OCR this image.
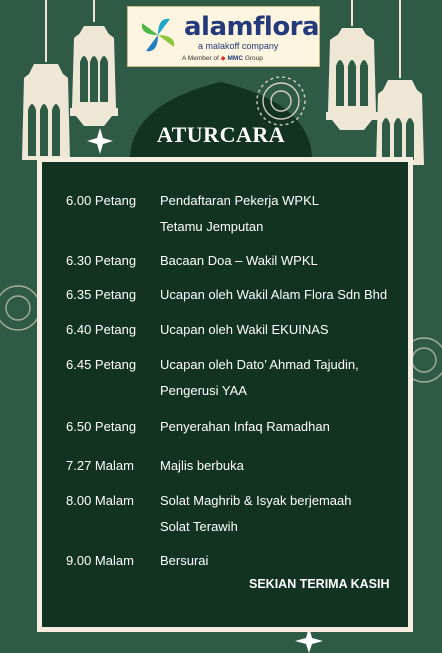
alamflora
a malakoff company
A Member of ◆ MMC Group
ATURCARA
6.00 Petang Pendaftaran Pekerja WPKL
Tetamu Jemputan
6.30 Petang Bacaan Doa – Wakil WPKL
6.35 Petang Ucapan oleh Wakil Alam Flora Sdn Bhd
6.40 Petang Ucapan oleh Wakil EKUINAS
6.45 Petang Ucapan oleh Dato’ Ahmad Tajudin,
Pengerusi YAA
6.50 Petang Penyerahan Infaq Ramadhan
7.27 Malam Majlis berbuka
8.00 Malam Solat Maghrib & Isyak berjemaah
Solat Terawih
9.00 Malam Bersurai
SEKIAN TERIMA KASIH
